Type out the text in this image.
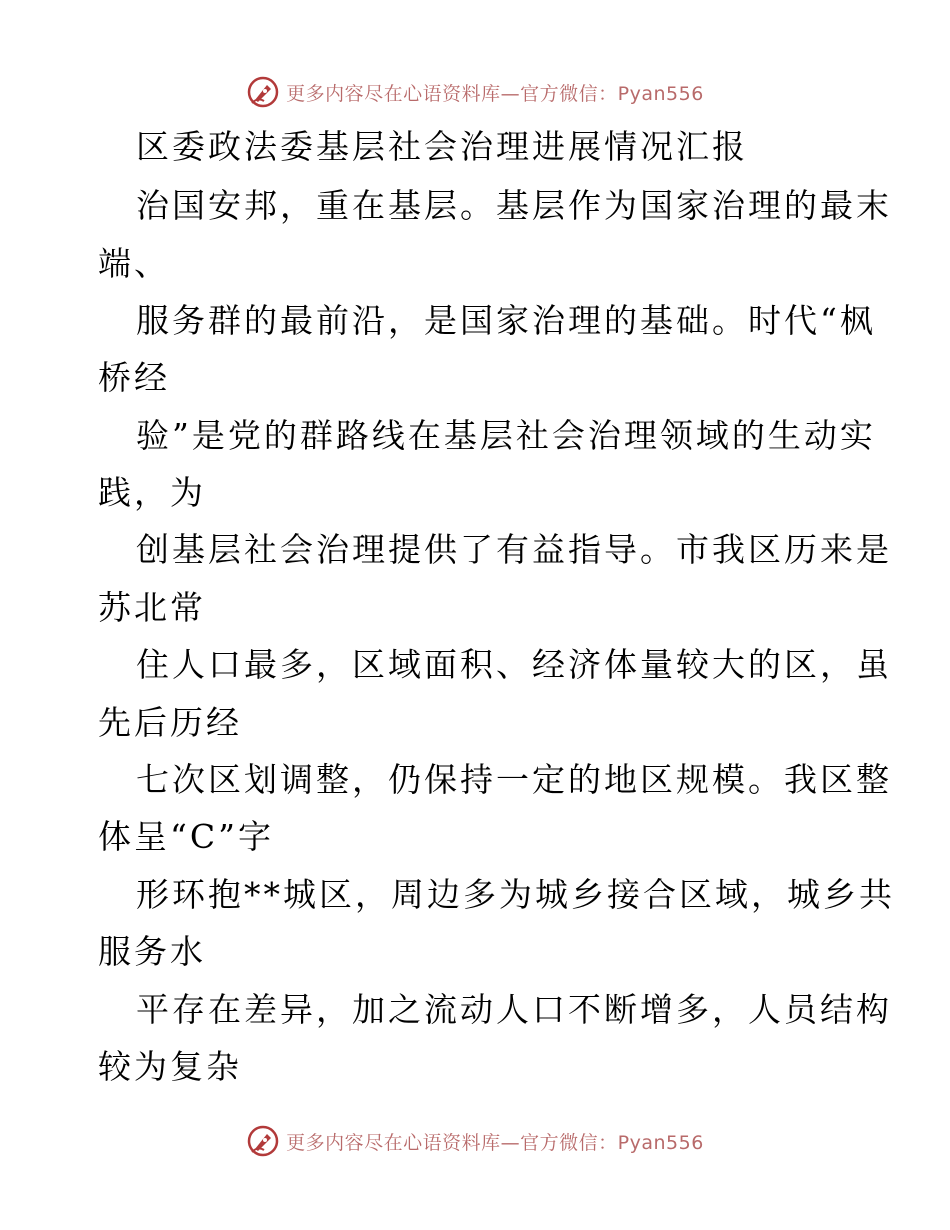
更多内容尽在心语资料库—官方微信：Pyan556
区委政法委基层社会治理进展情况汇报
治国安邦，重在基层。基层作为国家治理的最末
端、
服务群的最前沿，是国家治理的基础。时代“枫
桥经
验”是党的群路线在基层社会治理领域的生动实
践，为
创基层社会治理提供了有益指导。市我区历来是
苏北常
住人口最多，区域面积、经济体量较大的区，虽
先后历经
七次区划调整，仍保持一定的地区规模。我区整
体呈“C”字
形环抱**城区，周边多为城乡接合区域，城乡共
服务水
平存在差异，加之流动人口不断增多，人员结构
较为复杂
更多内容尽在心语资料库—官方微信：Pyan556
